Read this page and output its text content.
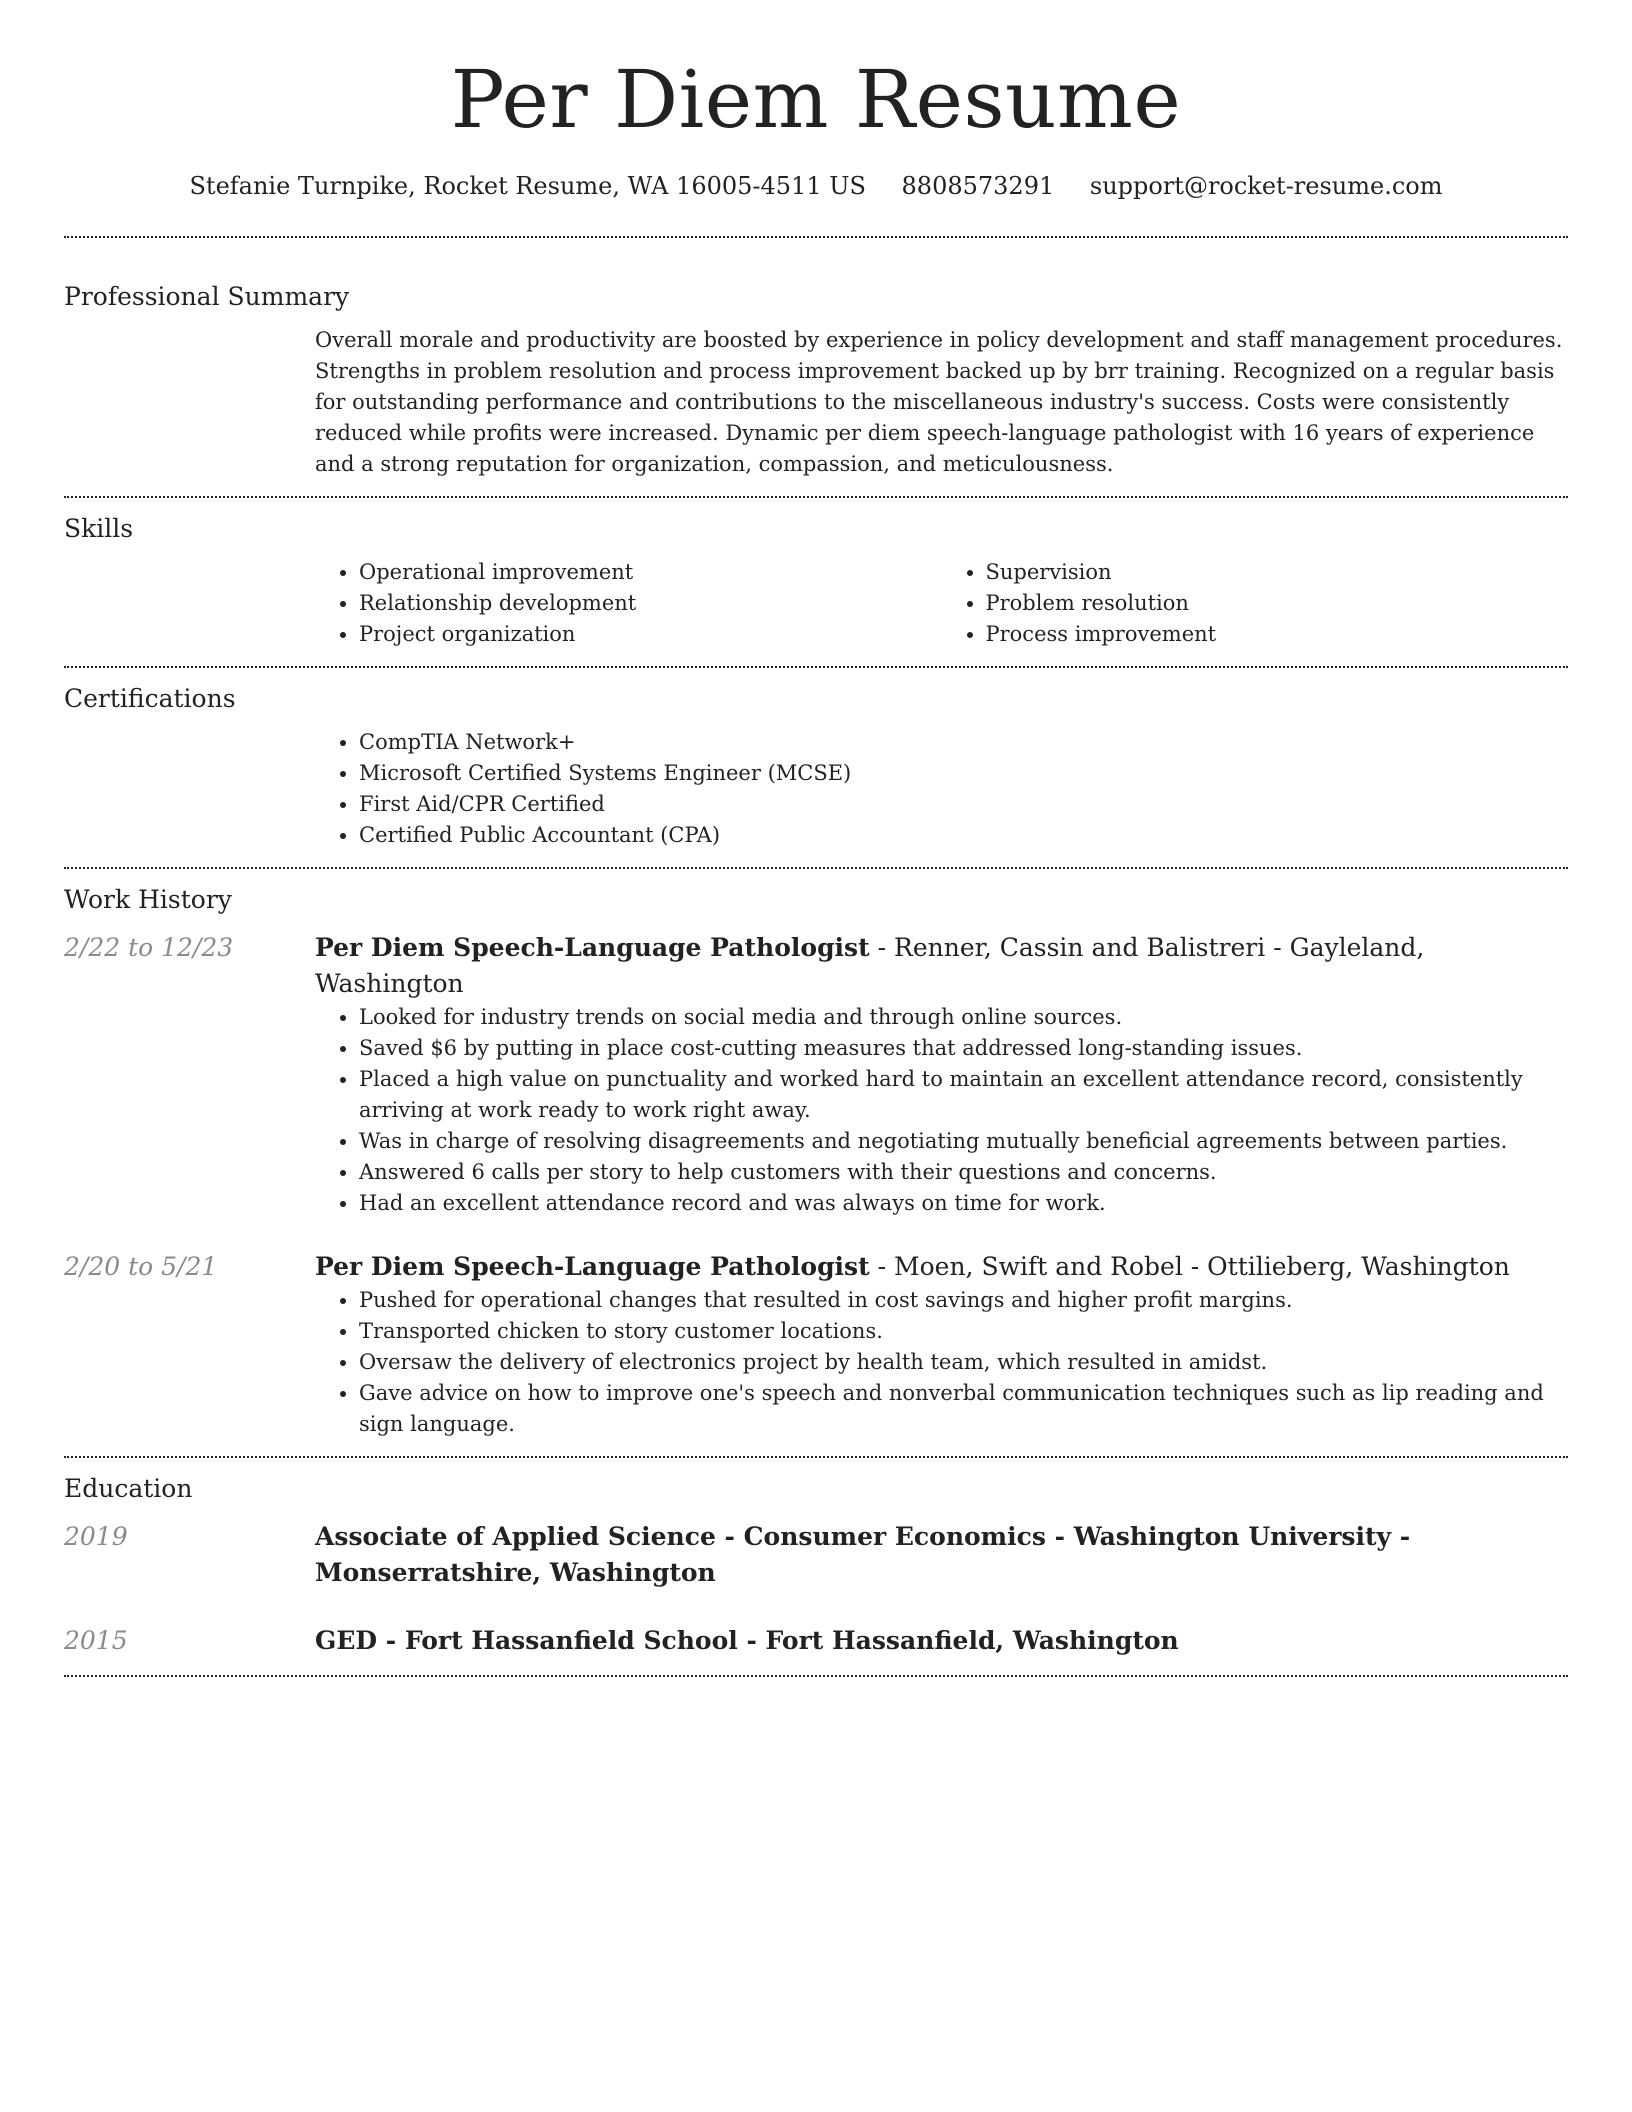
Per Diem Resume
Stefanie Turnpike, Rocket Resume, WA 16005-4511 US 8808573291 support@rocket-resume.com
Professional Summary

Overall morale and productivity are boosted by experience in policy development and staff management procedures. Strengths in problem resolution and process improvement backed up by brr training. Recognized on a regular basis for outstanding performance and contributions to the miscellaneous industry's success. Costs were consistently reduced while profits were increased. Dynamic per diem speech-language pathologist with 16 years of experience and a strong reputation for organization, compassion, and meticulousness.

Skills
• Operational improvement
• Relationship development
• Project organization
• Supervision
• Problem resolution
• Process improvement
Certifications
• CompTIA Network+
• Microsoft Certified Systems Engineer (MCSE)
• First Aid/CPR Certified
• Certified Public Accountant (CPA)
Work History
2/22 to 12/23	Per Diem Speech-Language Pathologist - Renner, Cassin and Balistreri - Gayleland, Washington
• Looked for industry trends on social media and through online sources.
• Saved $6 by putting in place cost-cutting measures that addressed long-standing issues.
• Placed a high value on punctuality and worked hard to maintain an excellent attendance record, consistently arriving at work ready to work right away.
• Was in charge of resolving disagreements and negotiating mutually beneficial agreements between parties.
• Answered 6 calls per story to help customers with their questions and concerns.
• Had an excellent attendance record and was always on time for work.
2/20 to 5/21	Per Diem Speech-Language Pathologist - Moen, Swift and Robel - Ottilieberg, Washington
• Pushed for operational changes that resulted in cost savings and higher profit margins.
• Transported chicken to story customer locations.
• Oversaw the delivery of electronics project by health team, which resulted in amidst.
• Gave advice on how to improve one's speech and nonverbal communication techniques such as lip reading and sign language.
Education
2019	Associate of Applied Science - Consumer Economics - Washington University - Monserratshire, Washington
2015	GED - Fort Hassanfield School - Fort Hassanfield, Washington
